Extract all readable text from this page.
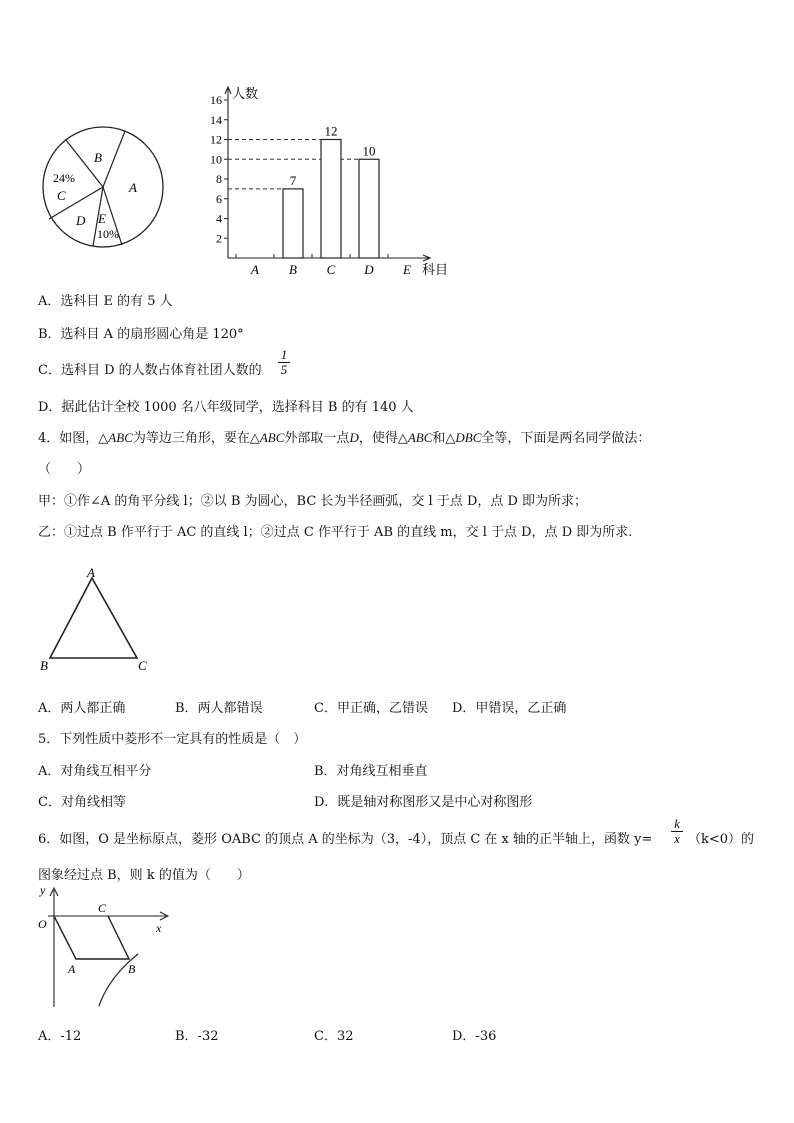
B
24%
C
A
D E
10%
人数
科目
2
4
6
8
10
12
14
16
A B
7
C
12
D
10
E
A．选科目 E 的有 5 人
B．选科目 A 的扇形圆心角是 120°
C．选科目 D 的人数占体育社团人数的
1
5
D．据此估计全校 1000 名八年级同学，选择科目 B 的有 140 人
4．如图，△ABC为等边三角形，要在△ABC外部取一点D，使得△ABC和△DBC全等，下面是两名同学做法：
（　　）
甲：①作∠A 的角平分线 l；②以 B 为圆心，BC 长为半径画弧，交 l 于点 D，点 D 即为所求；
乙：①过点 B 作平行于 AC 的直线 l；②过点 C 作平行于 AB 的直线 m，交 l 于点 D，点 D 即为所求.
A
B	C
A．两人都正确	B．两人都错误	C．甲正确，乙错误 D．甲错误，乙正确
5．下列性质中菱形不一定具有的性质是（　）
A．对角线互相平分	B．对角线互相垂直
C．对角线相等	D．既是轴对称图形又是中心对称图形
6．如图，O 是坐标原点，菱形 OABC 的顶点 A 的坐标为（3，-4），顶点 C 在 x 轴的正半轴上，函数 y=
k
x （k<0）的
图象经过点 B，则 k 的值为（　　）
y
x
O
C
A	B
A．-12	B．-32	C．32	D．-36
